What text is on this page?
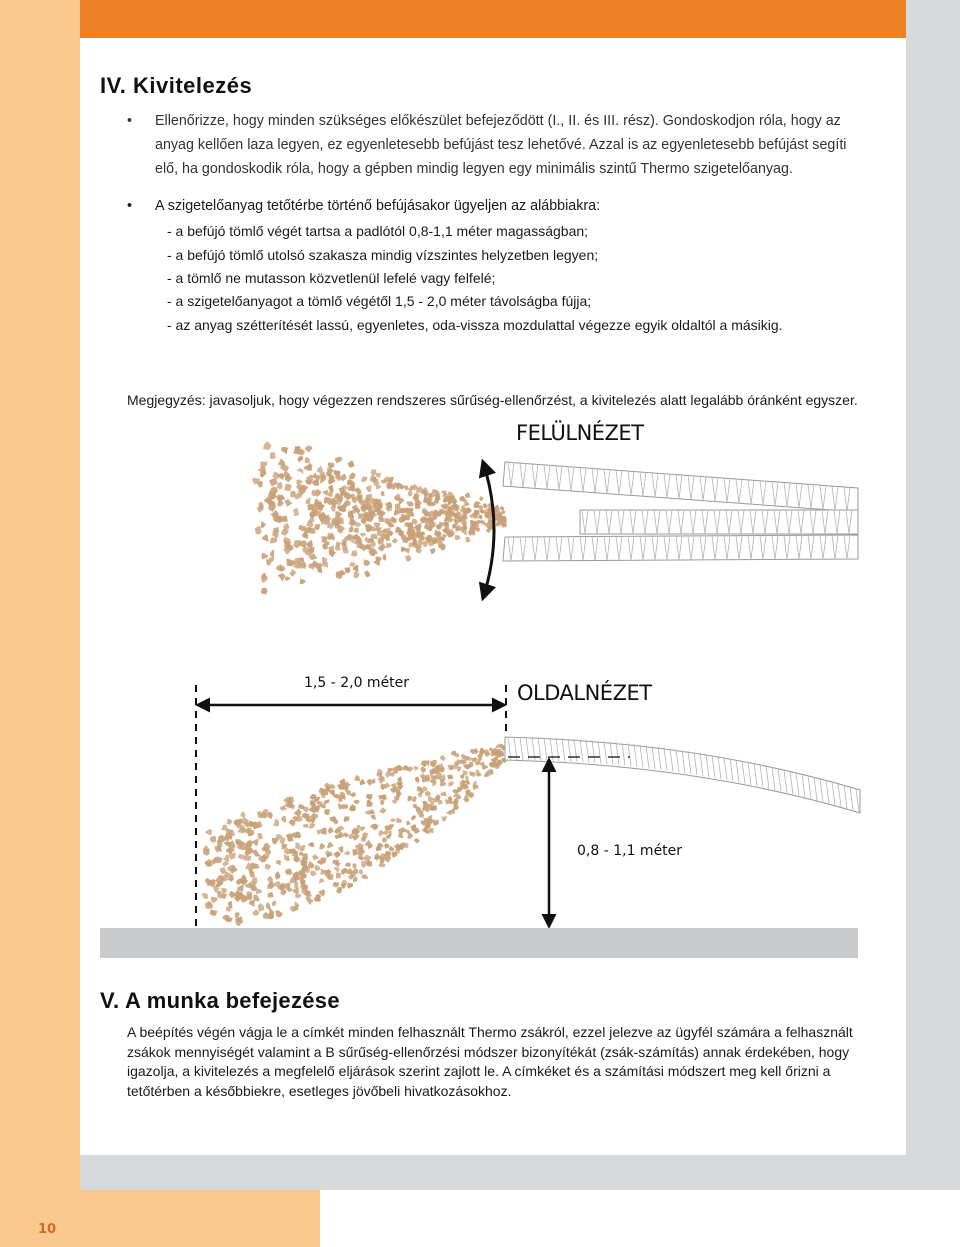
10
IV. Kivitelezés
• Ellenőrizze, hogy minden szükséges előkészület befejeződött (I., II. és III. rész). Gondoskodjon róla, hogy az anyag kellően laza legyen, ez egyenletesebb befújást tesz lehetővé. Azzal is az egyenletesebb befújást segíti elő, ha gondoskodik róla, hogy a gépben mindig legyen egy minimális szintű Thermo szigetelőanyag.
• A szigetelőanyag tetőtérbe történő befújásakor ügyeljen az alábbiakra:
- a befújó tömlő végét tartsa a padlótól 0,8-1,1 méter magasságban;
- a befújó tömlő utolsó szakasza mindig vízszintes helyzetben legyen;
- a tömlő ne mutasson közvetlenül lefelé vagy felfelé;
- a szigetelőanyagot a tömlő végétől 1,5 - 2,0 méter távolságba fújja;
- az anyag szétterítését lassú, egyenletes, oda-vissza mozdulattal végezze egyik oldaltól a másikig.
Megjegyzés: javasoljuk, hogy végezzen rendszeres sűrűség-ellenőrzést, a kivitelezés alatt legalább óránként egyszer.
FELÜLNÉZET
OLDALNÉZET
1,5 - 2,0 méter
0,8 - 1,1 méter
V. A munka befejezése
A beépítés végén vágja le a címkét minden felhasznált Thermo zsákról, ezzel jelezve az ügyfél számára a felhasznált zsákok mennyiségét valamint a B sűrűség-ellenőrzési módszer bizonyítékát (zsák-számítás) annak érdekében, hogy igazolja, a kivitelezés a megfelelő eljárások szerint zajlott le. A címkéket és a számítási módszert meg kell őrizni a tetőtérben a későbbiekre, esetleges jövőbeli hivatkozásokhoz.
